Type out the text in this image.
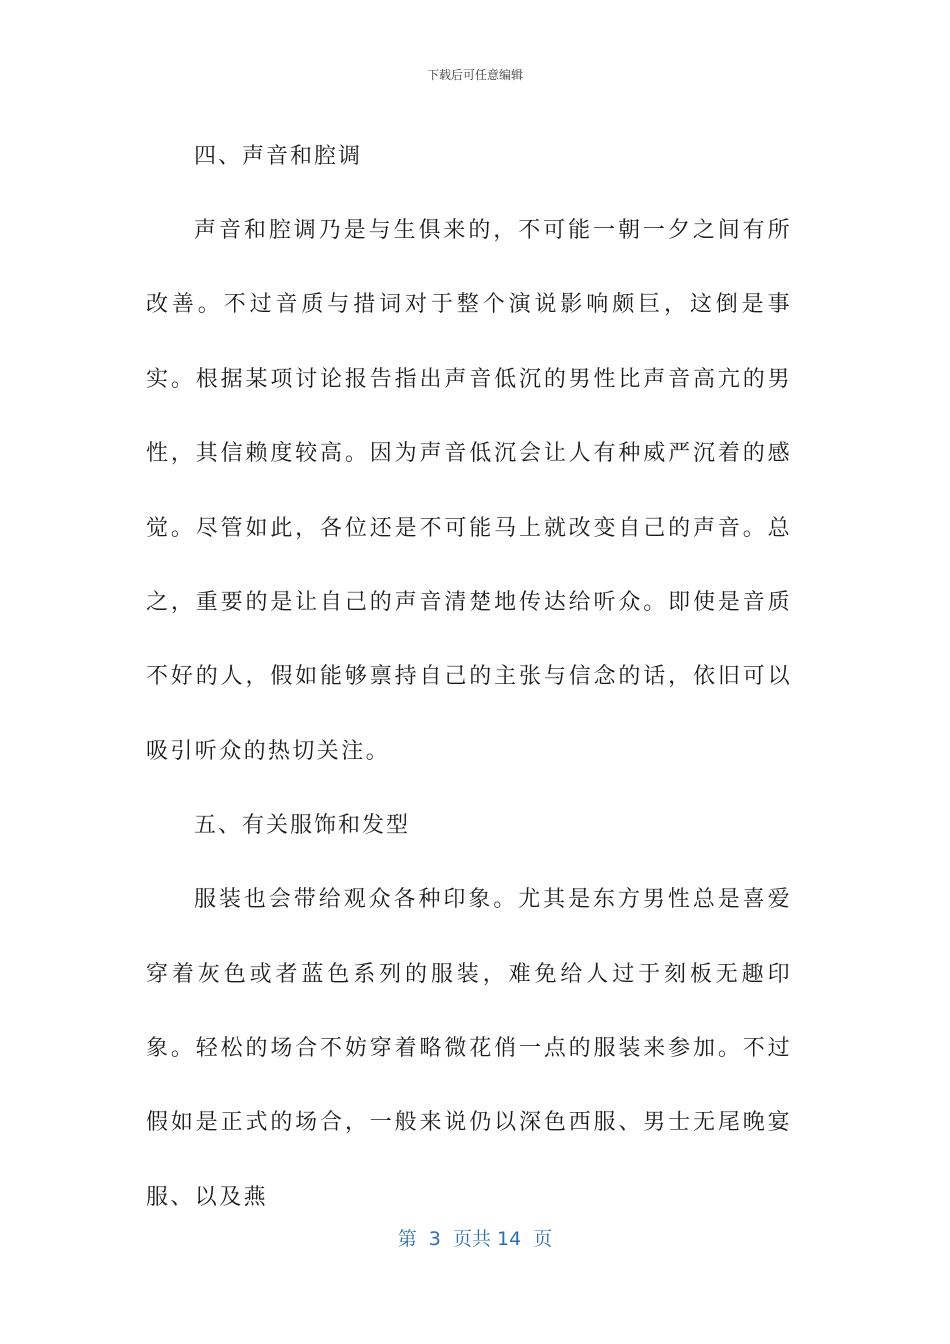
下载后可任意编辑

四、声音和腔调

声音和腔调乃是与生俱来的，不可能一朝一夕之间有所改善。不过音质与措词对于整个演说影响颇巨，这倒是事实。根据某项讨论报告指出声音低沉的男性比声音高亢的男性，其信赖度较高。因为声音低沉会让人有种威严沉着的感觉。尽管如此，各位还是不可能马上就改变自己的声音。总之，重要的是让自己的声音清楚地传达给听众。即使是音质不好的人，假如能够禀持自己的主张与信念的话，依旧可以吸引听众的热切关注。

五、有关服饰和发型

服装也会带给观众各种印象。尤其是东方男性总是喜爱穿着灰色或者蓝色系列的服装，难免给人过于刻板无趣印象。轻松的场合不妨穿着略微花俏一点的服装来参加。不过假如是正式的场合，一般来说仍以深色西服、男士无尾晚宴服、以及燕

第  3  页共 14  页
